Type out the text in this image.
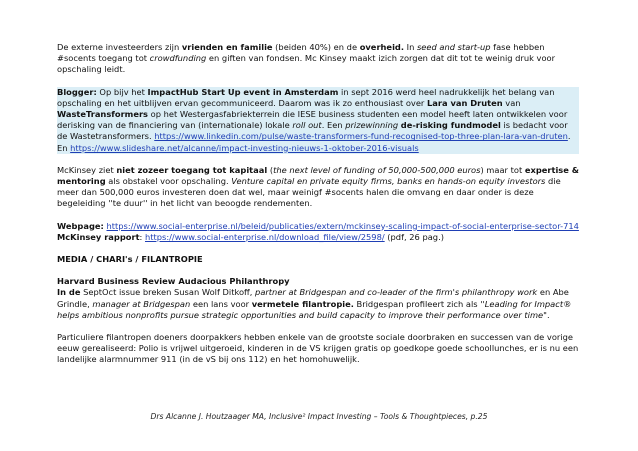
De externe investeerders zijn vrienden en familie (beiden 40%) en de overheid. In seed and start-up fase hebben #socents toegang tot crowdfunding en giften van fondsen. Mc Kinsey maakt izich zorgen dat dit tot te weinig druk voor opschaling leidt.

Blogger: Op bijv het ImpactHub Start Up event in Amsterdam in sept 2016 werd heel nadrukkelijk het belang van opschaling en het uitblijven ervan gecommuniceerd. Daarom was ik zo enthousiast over Lara van Druten van WasteTransformers op het Westergasfabriekterrein die IESE business studenten een model heeft laten ontwikkelen voor derisking van de financiering van (internationale) lokale roll out. Een prizewinning de-risking fundmodel is bedacht voor de Wastetransformers. https://www.linkedin.com/pulse/waste-transformers-fund-recognised-top-three-plan-lara-van-druten. En https://www.slideshare.net/alcanne/impact-investing-nieuws-1-oktober-2016-visuals

McKinsey ziet niet zozeer toegang tot kapitaal (the next level of funding of 50,000-500,000 euros) maar tot expertise & mentoring als obstakel voor opschaling. Venture capital en private equity firms, banks en hands-on equity investors die meer dan 500,000 euros investeren doen dat wel, maar weinigf #socents halen die omvang en daar onder is deze begeleiding ''te duur'' in het licht van beoogde rendementen.

Webpage: https://www.social-enterprise.nl/beleid/publicaties/extern/mckinsey-scaling-impact-of-social-enterprise-sector-714 McKinsey rapport: https://www.social-enterprise.nl/download_file/view/2598/ (pdf, 26 pag.)

MEDIA / CHARI's / FILANTROPIE

Harvard Business Review Audacious Philanthropy
In de SeptOct issue breken Susan Wolf Ditkoff, partner at Bridgespan and co-leader of the firm's philanthropy work en Abe Grindle, manager at Bridgespan een lans voor vermetele filantropie. Bridgespan profileert zich als ''Leading for Impact® helps ambitious nonprofits pursue strategic opportunities and build capacity to improve their performance over time".

Particuliere filantropen doeners doorpakkers hebben enkele van de grootste sociale doorbraken en successen van de vorige eeuw gerealiseerd: Polio is vrijwel uitgeroeid, kinderen in de VS krijgen gratis op goedkope goede schoollunches, er is nu een landelijke alarmnummer 911 (in de vS bij ons 112) en het homohuwelijk.

Drs Alcanne J. Houtzaager MA, Inclusive² Impact Investing – Tools & Thoughtpieces, p.25
